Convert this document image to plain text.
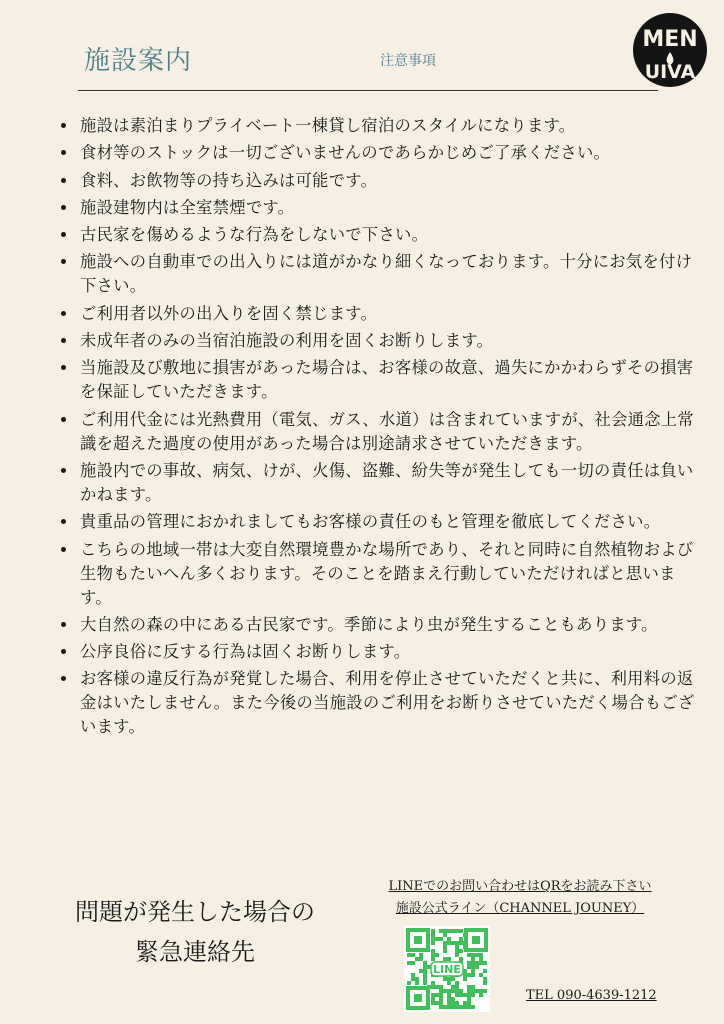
施設案内	注意事項
MEN
UIVA
• 施設は素泊まりプライベート一棟貸し宿泊のスタイルになります。
• 食材等のストックは一切ございませんのであらかじめご了承ください。
• 食料、お飲物等の持ち込みは可能です。
• 施設建物内は全室禁煙です。
• 古民家を傷めるような行為をしないで下さい。
• 施設への自動車での出入りには道がかなり細くなっております。十分にお気を付け下さい。
• ご利用者以外の出入りを固く禁じます。
• 未成年者のみの当宿泊施設の利用を固くお断りします。
• 当施設及び敷地に損害があった場合は、お客様の故意、過失にかかわらずその損害を保証していただきます。
• ご利用代金には光熱費用（電気、ガス、水道）は含まれていますが、社会通念上常識を超えた過度の使用があった場合は別途請求させていただきます。
• 施設内での事故、病気、けが、火傷、盗難、紛失等が発生しても一切の責任は負いかねます。
• 貴重品の管理におかれましてもお客様の責任のもと管理を徹底してください。
• こちらの地域一帯は大変自然環境豊かな場所であり、それと同時に自然植物および生物もたいへん多くおります。そのことを踏まえ行動していただければと思います。
• 大自然の森の中にある古民家です。季節により虫が発生することもあります。
• 公序良俗に反する行為は固くお断りします。
• お客様の違反行為が発覚した場合、利用を停止させていただくと共に、利用料の返金はいたしません。また今後の当施設のご利用をお断りさせていただく場合もございます。
問題が発生した場合の
緊急連絡先
LINEでのお問い合わせはQRをお読み下さい
施設公式ライン（CHANNEL JOUNEY）
LINE
TEL 090-4639-1212
